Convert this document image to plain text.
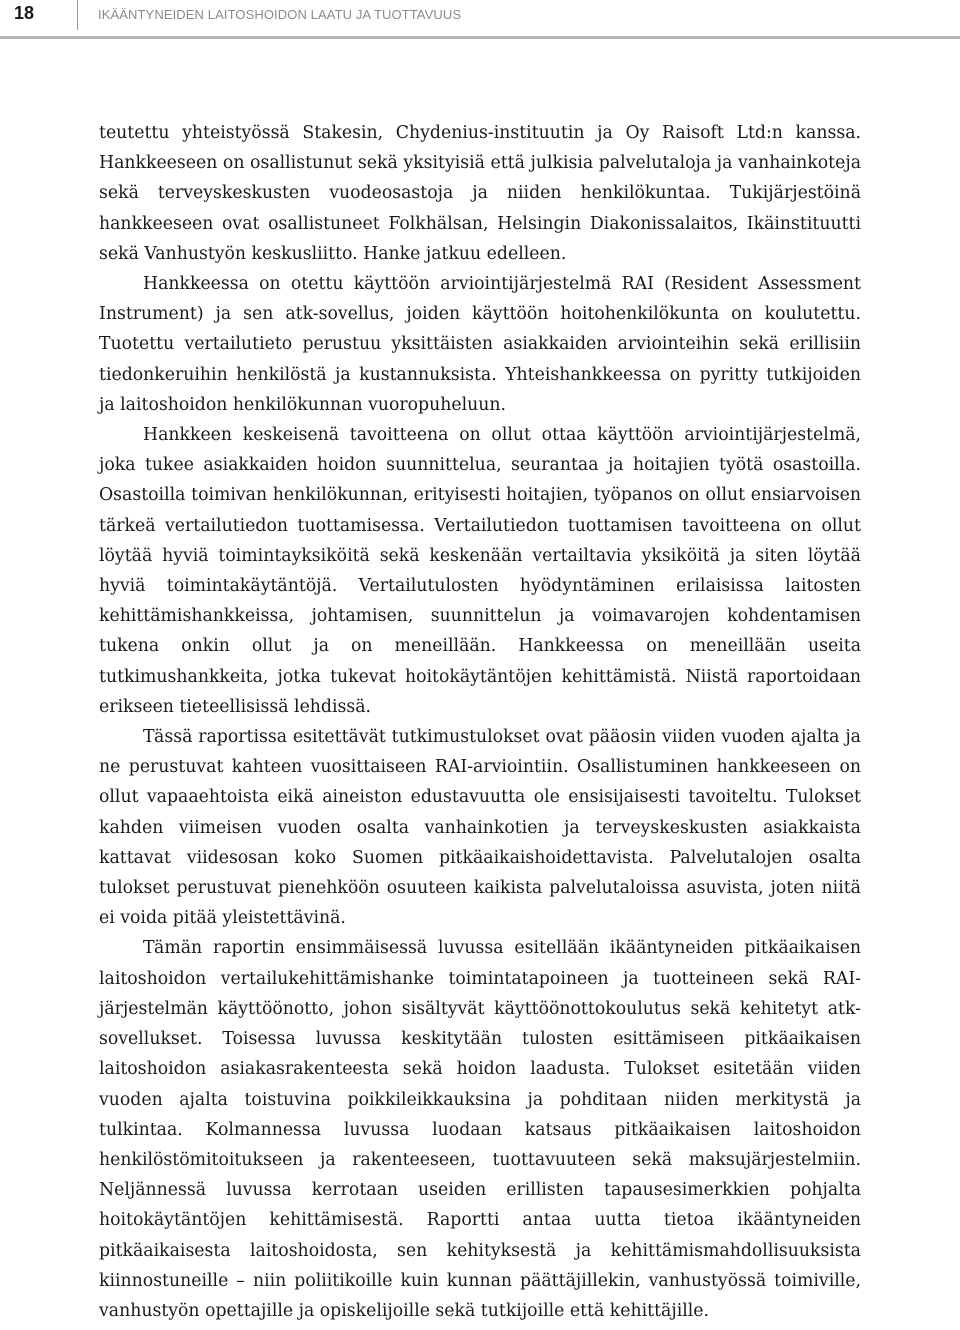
18	IKÄÄNTYNEIDEN LAITOSHOIDON LAATU JA TUOTTAVUUS

teutettu yhteistyössä Stakesin, Chydenius-instituutin ja Oy Raisoft Ltd:n kanssa. Hankkeeseen on osallistunut sekä yksityisiä että julkisia palvelutaloja ja vanhainkoteja sekä terveyskeskusten vuodeosastoja ja niiden henkilökuntaa. Tukijärjestöinä hankkeeseen ovat osallistuneet Folkhälsan, Helsingin Diakonissalaitos, Ikäinstituutti sekä Vanhustyön keskusliitto. Hanke jatkuu edelleen.

Hankkeessa on otettu käyttöön arviointijärjestelmä RAI (Resident Assessment Instrument) ja sen atk-sovellus, joiden käyttöön hoitohenkilökunta on koulutettu. Tuotettu vertailutieto perustuu yksittäisten asiakkaiden arviointeihin sekä erillisiin tiedonkeruihin henkilöstä ja kustannuksista. Yhteishankkeessa on pyritty tutkijoiden ja laitoshoidon henkilökunnan vuoropuheluun.

Hankkeen keskeisenä tavoitteena on ollut ottaa käyttöön arviointijärjestelmä, joka tukee asiakkaiden hoidon suunnittelua, seurantaa ja hoitajien työtä osastoilla. Osastoilla toimivan henkilökunnan, erityisesti hoitajien, työpanos on ollut ensiarvoisen tärkeä vertailutiedon tuottamisessa. Vertailutiedon tuottamisen tavoitteena on ollut löytää hyviä toimintayksiköitä sekä keskenään vertailtavia yksiköitä ja siten löytää hyviä toimintakäytäntöjä. Vertailutulosten hyödyntäminen erilaisissa laitosten kehittämishankkeissa, johtamisen, suunnittelun ja voimavarojen kohdentamisen tukena onkin ollut ja on meneillään. Hankkeessa on meneillään useita tutkimushankkeita, jotka tukevat hoitokäytäntöjen kehittämistä. Niistä raportoidaan erikseen tieteellisissä lehdissä.

Tässä raportissa esitettävät tutkimustulokset ovat pääosin viiden vuoden ajalta ja ne perustuvat kahteen vuosittaiseen RAI-arviointiin. Osallistuminen hankkeeseen on ollut vapaaehtoista eikä aineiston edustavuutta ole ensisijaisesti tavoiteltu. Tulokset kahden viimeisen vuoden osalta vanhainkotien ja terveyskeskusten asiakkaista kattavat viidesosan koko Suomen pitkäaikaishoidettavista. Palvelutalojen osalta tulokset perustuvat pienehköön osuuteen kaikista palvelutaloissa asuvista, joten niitä ei voida pitää yleistettävinä.

Tämän raportin ensimmäisessä luvussa esitellään ikääntyneiden pitkäaikaisen laitoshoidon vertailukehittämishanke toimintatapoineen ja tuotteineen sekä RAI-järjestelmän käyttöönotto, johon sisältyvät käyttöönottokoulutus sekä kehitetyt atk-sovellukset. Toisessa luvussa keskitytään tulosten esittämiseen pitkäaikaisen laitoshoidon asiakasrakenteesta sekä hoidon laadusta. Tulokset esitetään viiden vuoden ajalta toistuvina poikkileikkauksina ja pohditaan niiden merkitystä ja tulkintaa. Kolmannessa luvussa luodaan katsaus pitkäaikaisen laitoshoidon henkilöstömitoitukseen ja rakenteeseen, tuottavuuteen sekä maksujärjestelmiin. Neljännessä luvussa kerrotaan useiden erillisten tapausesimerkkien pohjalta hoitokäytäntöjen kehittämisestä. Raportti antaa uutta tietoa ikääntyneiden pitkäaikaisesta laitoshoidosta, sen kehityksestä ja kehittämismahdollisuuksista kiinnostuneille – niin poliitikoille kuin kunnan päättäjillekin, vanhustyössä toimiville, vanhustyön opettajille ja opiskelijoille sekä tutkijoille että kehittäjille.
